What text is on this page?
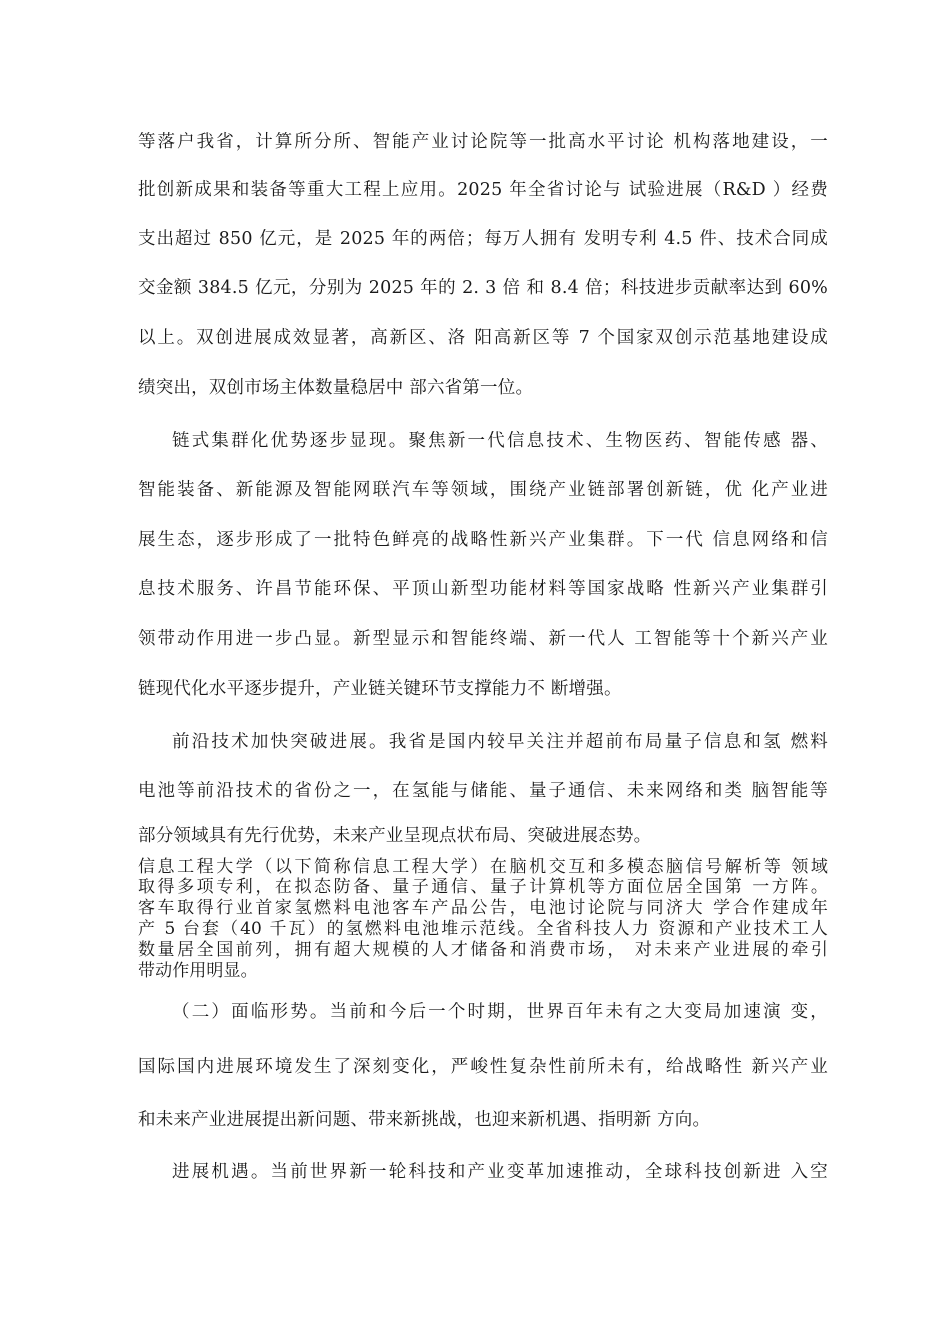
等落户我省，计算所分所、智能产业讨论院等一批高水平讨论 机构落地建设，一
批创新成果和装备等重大工程上应用。2025 年全省讨论与 试验进展（R&D ）经费
支出超过 850 亿元，是 2025 年的两倍；每万人拥有 发明专利 4.5 件、技术合同成
交金额 384.5 亿元，分别为 2025 年的 2. 3 倍 和 8.4 倍；科技进步贡献率达到 60%
以上。双创进展成效显著，高新区、洛 阳高新区等 7 个国家双创示范基地建设成
绩突出，双创市场主体数量稳居中 部六省第一位。
链式集群化优势逐步显现。聚焦新一代信息技术、生物医药、智能传感 器、
智能装备、新能源及智能网联汽车等领域，围绕产业链部署创新链，优 化产业进
展生态，逐步形成了一批特色鲜亮的战略性新兴产业集群。下一代 信息网络和信
息技术服务、许昌节能环保、平顶山新型功能材料等国家战略 性新兴产业集群引
领带动作用进一步凸显。新型显示和智能终端、新一代人 工智能等十个新兴产业
链现代化水平逐步提升，产业链关键环节支撑能力不 断增强。
前沿技术加快突破进展。我省是国内较早关注并超前布局量子信息和氢 燃料
电池等前沿技术的省份之一，在氢能与储能、量子通信、未来网络和类 脑智能等
部分领域具有先行优势，未来产业呈现点状布局、突破进展态势。
信息工程大学（以下简称信息工程大学）在脑机交互和多模态脑信号解析等 领域
取得多项专利，在拟态防备、量子通信、量子计算机等方面位居全国第 一方阵。
客车取得行业首家氢燃料电池客车产品公告，电池讨论院与同济大 学合作建成年
产 5 台套（40 千瓦）的氢燃料电池堆示范线。全省科技人力 资源和产业技术工人
数量居全国前列，拥有超大规模的人才储备和消费市场， 对未来产业进展的牵引
带动作用明显。
（二）面临形势。当前和今后一个时期，世界百年未有之大变局加速演 变，
国际国内进展环境发生了深刻变化，严峻性复杂性前所未有，给战略性 新兴产业
和未来产业进展提出新问题、带来新挑战，也迎来新机遇、指明新 方向。
进展机遇。当前世界新一轮科技和产业变革加速推动，全球科技创新进 入空
